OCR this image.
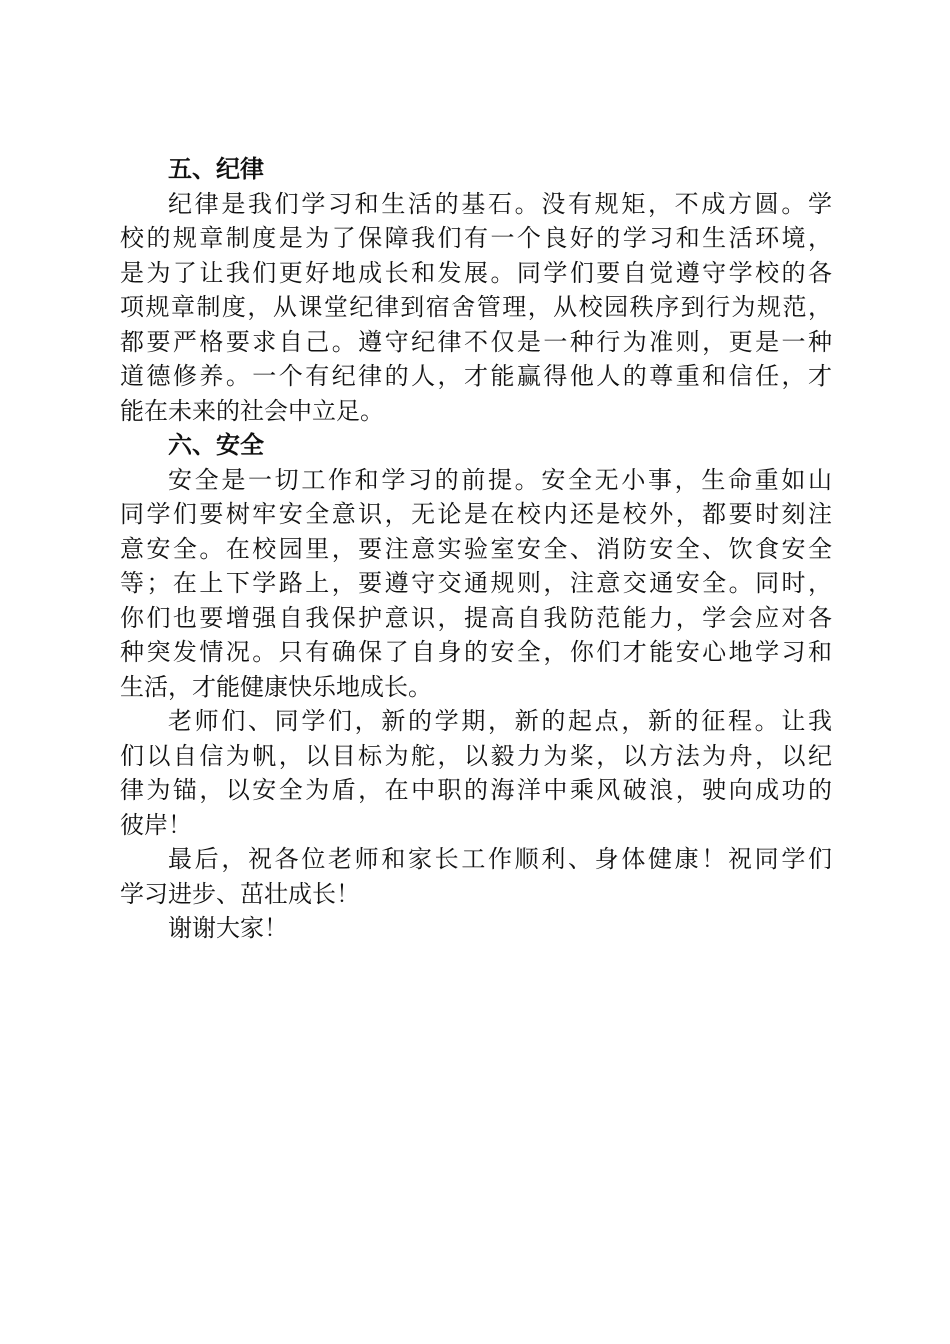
五、纪律
纪律是我们学习和生活的基石。没有规矩，不成方圆。学
校的规章制度是为了保障我们有一个良好的学习和生活环境，
是为了让我们更好地成长和发展。同学们要自觉遵守学校的各
项规章制度，从课堂纪律到宿舍管理，从校园秩序到行为规范，
都要严格要求自己。遵守纪律不仅是一种行为准则，更是一种
道德修养。一个有纪律的人，才能赢得他人的尊重和信任，才
能在未来的社会中立足。
六、安全
安全是一切工作和学习的前提。安全无小事，生命重如山
同学们要树牢安全意识，无论是在校内还是校外，都要时刻注
意安全。在校园里，要注意实验室安全、消防安全、饮食安全
等；在上下学路上，要遵守交通规则，注意交通安全。同时，
你们也要增强自我保护意识，提高自我防范能力，学会应对各
种突发情况。只有确保了自身的安全，你们才能安心地学习和
生活，才能健康快乐地成长。
老师们、同学们，新的学期，新的起点，新的征程。让我
们以自信为帆，以目标为舵，以毅力为桨，以方法为舟，以纪
律为锚，以安全为盾，在中职的海洋中乘风破浪，驶向成功的
彼岸！
最后，祝各位老师和家长工作顺利、身体健康！祝同学们
学习进步、茁壮成长！
谢谢大家！
